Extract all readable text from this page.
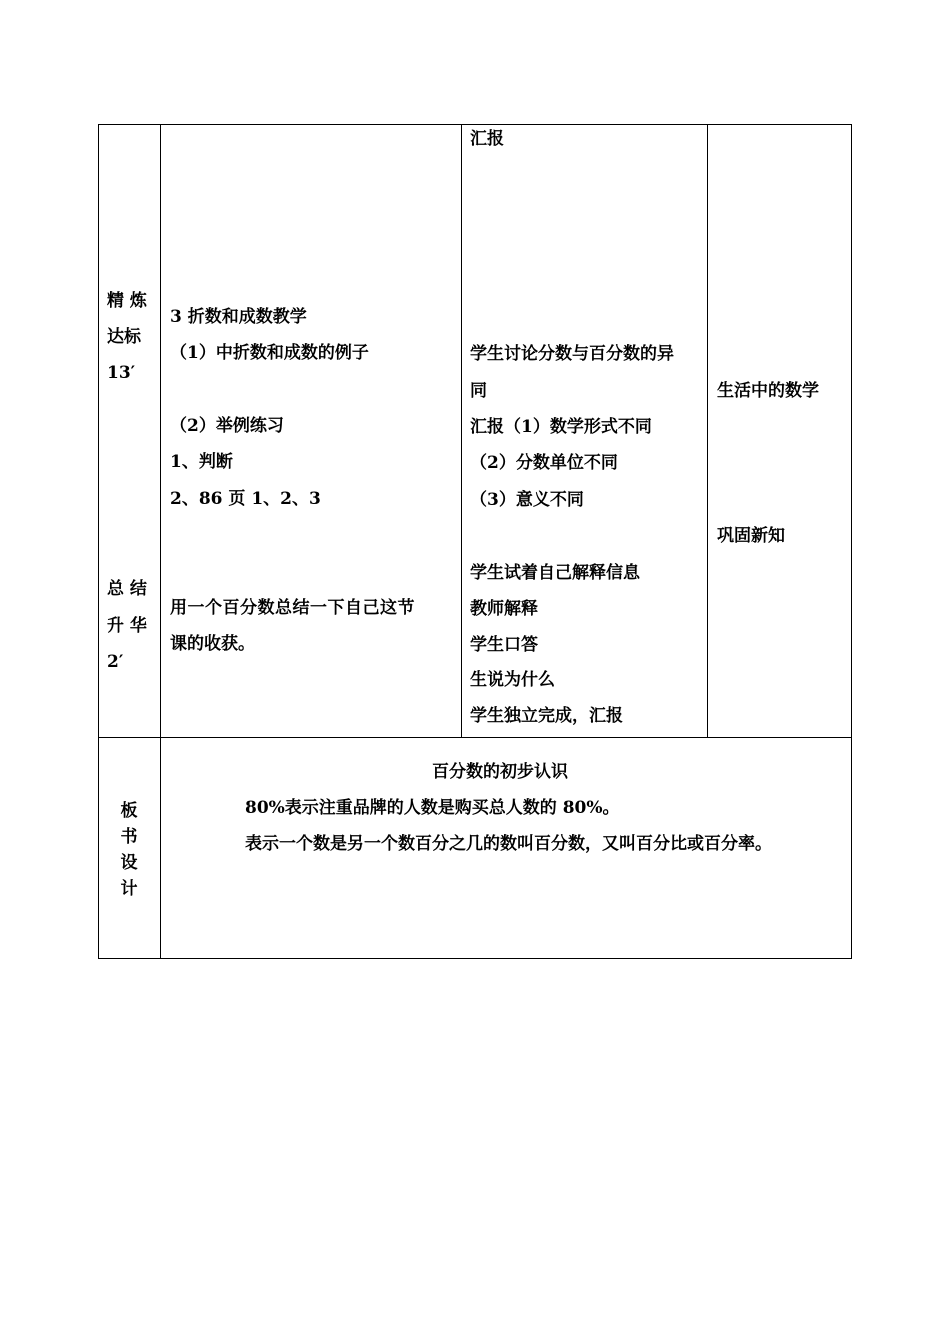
精 炼
达标
13′
总 结
升 华
2′
3 折数和成数教学
（1）中折数和成数的例子
（2）举例练习
1、判断
2、86 页 1、2、3
用一个百分数总结一下自己这节
课的收获。
汇报
学生讨论分数与百分数的异
同
汇报（1）数学形式不同
（2）分数单位不同
（3）意义不同
学生试着自己解释信息
教师解释
学生口答
生说为什么
学生独立完成，汇报
生活中的数学
巩固新知
板
书
设
计
百分数的初步认识
80%表示注重品牌的人数是购买总人数的 80%。
表示一个数是另一个数百分之几的数叫百分数，又叫百分比或百分率。
